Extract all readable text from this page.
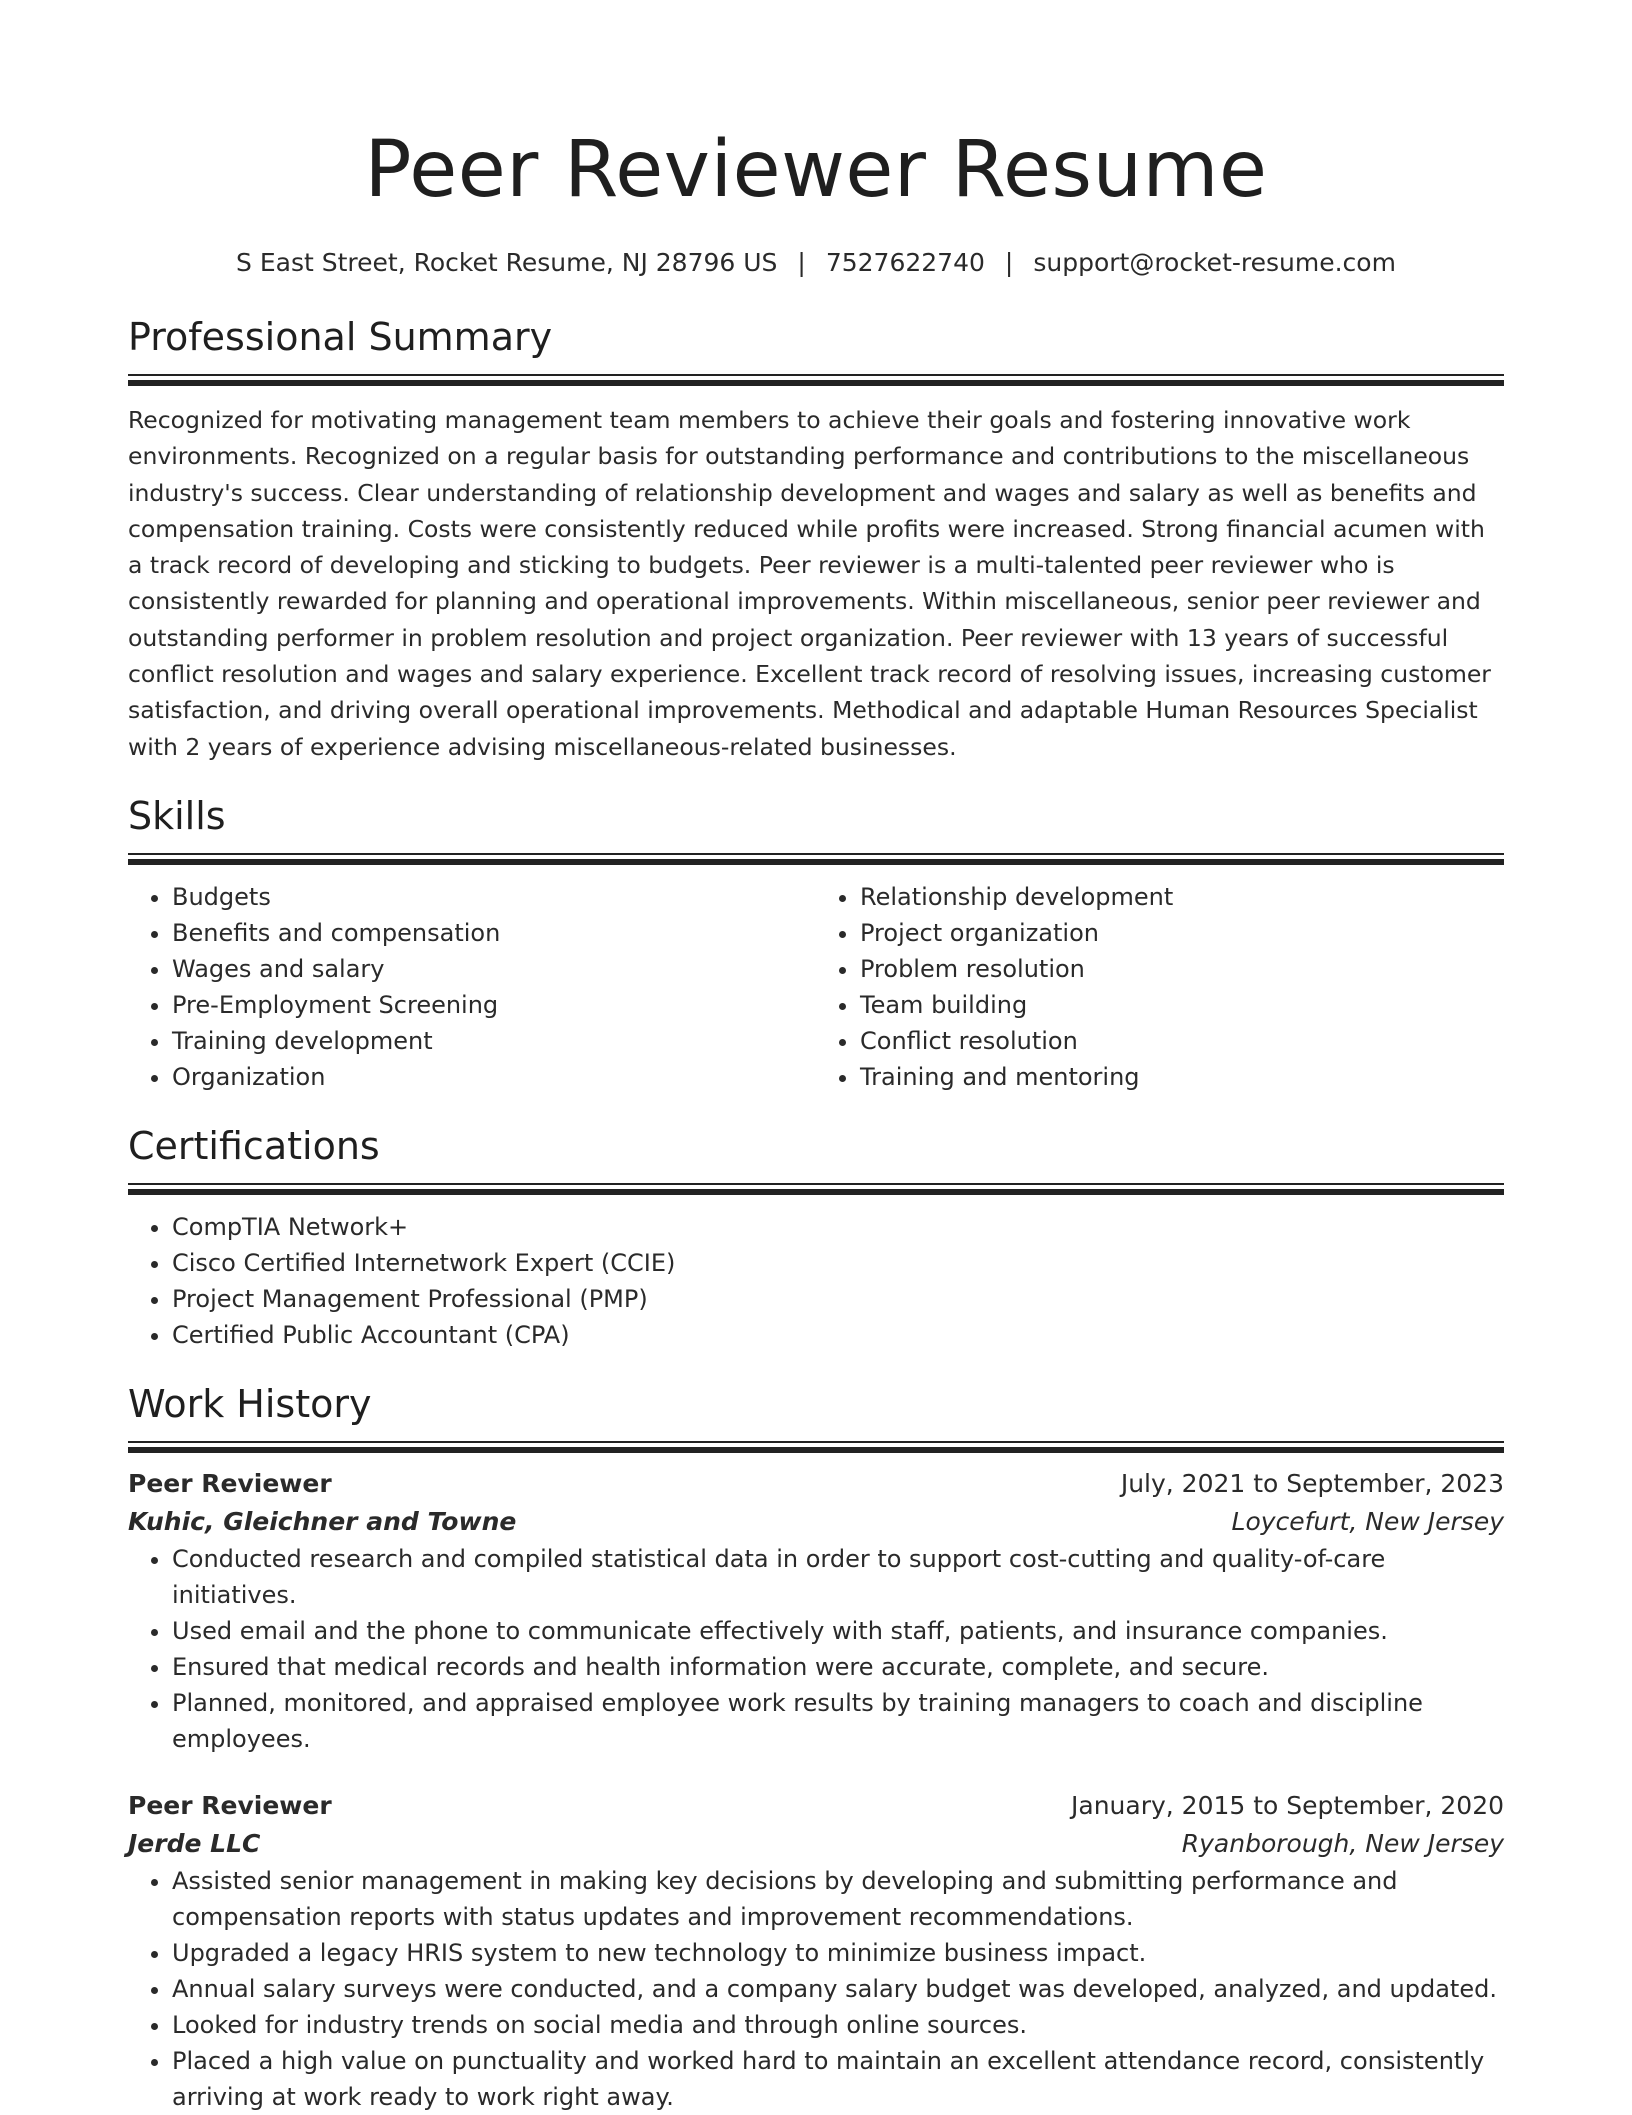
Peer Reviewer Resume
S East Street, Rocket Resume, NJ 28796 US | 7527622740 | support@rocket-resume.com
Professional Summary
Recognized for motivating management team members to achieve their goals and fostering innovative work environments. Recognized on a regular basis for outstanding performance and contributions to the miscellaneous industry's success. Clear understanding of relationship development and wages and salary as well as benefits and compensation training. Costs were consistently reduced while profits were increased. Strong financial acumen with a track record of developing and sticking to budgets. Peer reviewer is a multi-talented peer reviewer who is consistently rewarded for planning and operational improvements. Within miscellaneous, senior peer reviewer and outstanding performer in problem resolution and project organization. Peer reviewer with 13 years of successful conflict resolution and wages and salary experience. Excellent track record of resolving issues, increasing customer satisfaction, and driving overall operational improvements. Methodical and adaptable Human Resources Specialist with 2 years of experience advising miscellaneous-related businesses.
Skills
• Budgets
• Benefits and compensation
• Wages and salary
• Pre-Employment Screening
• Training development
• Organization
• Relationship development
• Project organization
• Problem resolution
• Team building
• Conflict resolution
• Training and mentoring
Certifications
• CompTIA Network+
• Cisco Certified Internetwork Expert (CCIE)
• Project Management Professional (PMP)
• Certified Public Accountant (CPA)
Work History
Peer Reviewer	July, 2021 to September, 2023
Kuhic, Gleichner and Towne	Loycefurt, New Jersey
• Conducted research and compiled statistical data in order to support cost-cutting and quality-of-care initiatives.
• Used email and the phone to communicate effectively with staff, patients, and insurance companies.
• Ensured that medical records and health information were accurate, complete, and secure.
• Planned, monitored, and appraised employee work results by training managers to coach and discipline employees.
Peer Reviewer	January, 2015 to September, 2020
Jerde LLC	Ryanborough, New Jersey
• Assisted senior management in making key decisions by developing and submitting performance and compensation reports with status updates and improvement recommendations.
• Upgraded a legacy HRIS system to new technology to minimize business impact.
• Annual salary surveys were conducted, and a company salary budget was developed, analyzed, and updated.
• Looked for industry trends on social media and through online sources.
• Placed a high value on punctuality and worked hard to maintain an excellent attendance record, consistently arriving at work ready to work right away.
